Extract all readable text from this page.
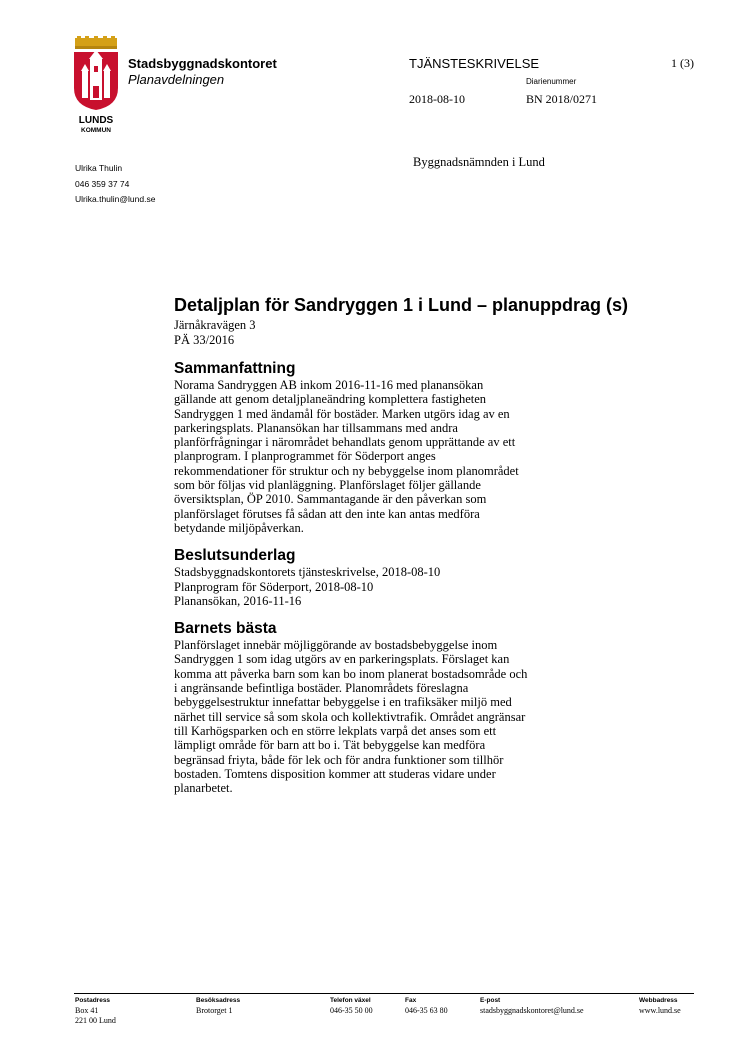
LUNDS
KOMMUN
Stadsbyggnadskontoret
Planavdelningen
TJÄNSTESKRIVELSE	1 (3)
Diarienummer
2018-08-10	BN 2018/0271
Ulrika Thulin
046 359 37 74
Ulrika.thulin@lund.se
Byggnadsnämnden i Lund
Detaljplan för Sandryggen 1 i Lund – planuppdrag (s)
Järnåkravägen 3
PÄ 33/2016
Sammanfattning
Norama Sandryggen AB inkom 2016-11-16 med planansökan
gällande att genom detaljplaneändring komplettera fastigheten
Sandryggen 1 med ändamål för bostäder. Marken utgörs idag av en
parkeringsplats. Planansökan har tillsammans med andra
planförfrågningar i närområdet behandlats genom upprättande av ett
planprogram. I planprogrammet för Söderport anges
rekommendationer för struktur och ny bebyggelse inom planområdet
som bör följas vid planläggning. Planförslaget följer gällande
översiktsplan, ÖP 2010. Sammantagande är den påverkan som
planförslaget förutses få sådan att den inte kan antas medföra
betydande miljöpåverkan.
Beslutsunderlag
Stadsbyggnadskontorets tjänsteskrivelse, 2018-08-10
Planprogram för Söderport, 2018-08-10
Planansökan, 2016-11-16
Barnets bästa
Planförslaget innebär möjliggörande av bostadsbebyggelse inom
Sandryggen 1 som idag utgörs av en parkeringsplats. Förslaget kan
komma att påverka barn som kan bo inom planerat bostadsområde och
i angränsande befintliga bostäder. Planområdets föreslagna
bebyggelsestruktur innefattar bebyggelse i en trafiksäker miljö med
närhet till service så som skola och kollektivtrafik. Området angränsar
till Karhögsparken och en större lekplats varpå det anses som ett
lämpligt område för barn att bo i. Tät bebyggelse kan medföra
begränsad friyta, både för lek och för andra funktioner som tillhör
bostaden. Tomtens disposition kommer att studeras vidare under
planarbetet.
Postadress
Box 41
221 00 Lund
Besöksadress
Brotorget 1
Telefon växel
046-35 50 00
Fax
046-35 63 80
E-post
stadsbyggnadskontoret@lund.se
Webbadress
www.lund.se
